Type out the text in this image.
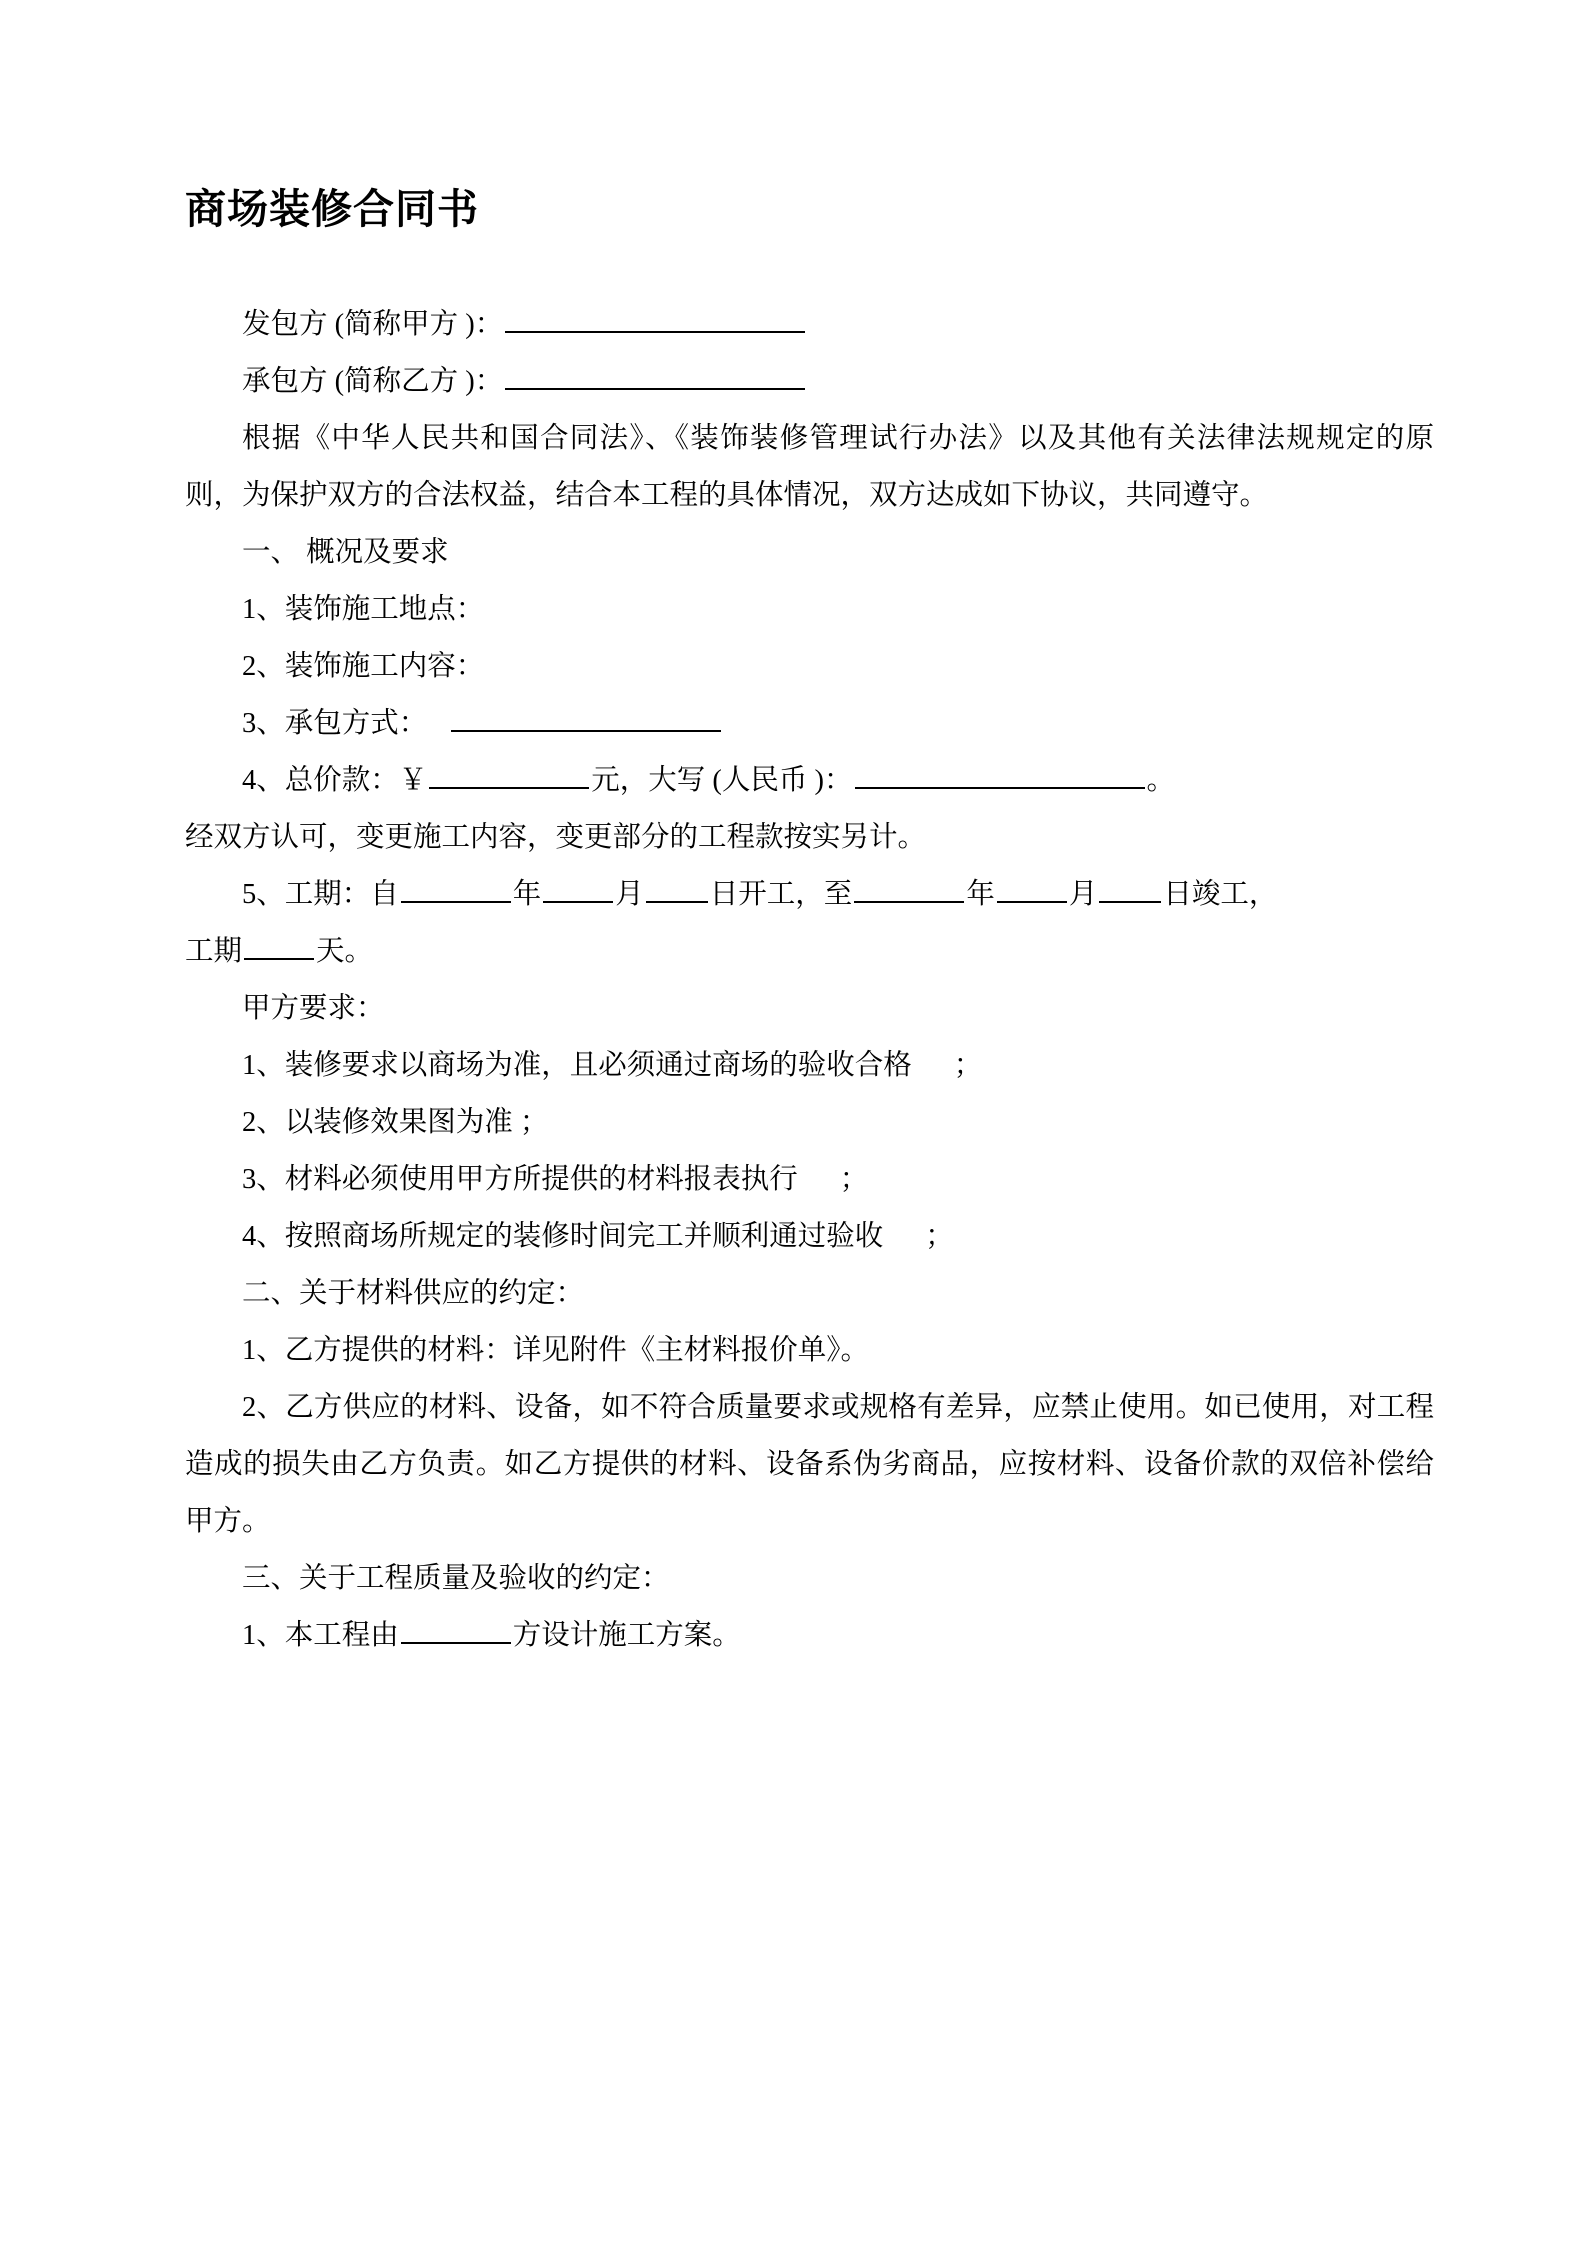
商场装修合同书

发包方 (简称甲方 )：

承包方 (简称乙方 )：

根据《中华人民共和国合同法》、《装饰装修管理试行办法》以及其他有关法律法规规定的原则，为保护双方的合法权益，结合本工程的具体情况，双方达成如下协议，共同遵守。

一、 概况及要求

1、装饰施工地点：

2、装饰施工内容：

3、承包方式：

4、总价款：￥	元，大写 (人民币 )：	。

经双方认可，变更施工内容，变更部分的工程款按实另计。

5、工期：自	年	月 日开工，至	年	月 日竣工，

工期	天。

甲方要求：

1、装修要求以商场为准，且必须通过商场的验收合格 ；

2、以装修效果图为准 ；

3、材料必须使用甲方所提供的材料报表执行 ；

4、按照商场所规定的装修时间完工并顺利通过验收 ；

二、关于材料供应的约定：

1、乙方提供的材料：详见附件《主材料报价单》。

2、乙方供应的材料、设备，如不符合质量要求或规格有差异，应禁止使用。如已使用，对工程造成的损失由乙方负责。如乙方提供的材料、设备系伪劣商品，应按材料、设备价款的双倍补偿给甲方。

三、关于工程质量及验收的约定：

1、本工程由	方设计施工方案。
